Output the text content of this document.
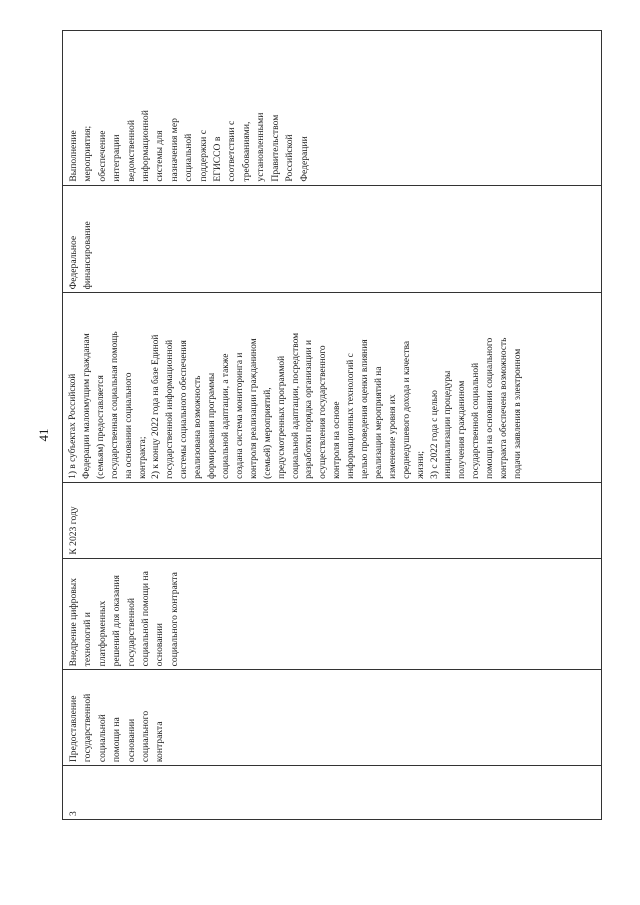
41
3
Предоставление
государственной
социальной
помощи на
основании
социального
контракта
Внедрение цифровых
технологий и
платформенных
решений для оказания
государственной
социальной помощи на
основании
социального контракта
К 2023 году
1) в субъектах Российской
Федерации малоимущим гражданам
(семьям) предоставляется
государственная социальная помощь
на основании социального
контракта;
2) к концу 2022 года на базе Единой
государственной информационной
системы социального обеспечения
реализована возможность
формирования программы
социальной адаптации, а также
создана система мониторинга и
контроля реализации гражданином
(семьей) мероприятий,
предусмотренных программой
социальной адаптации, посредством
разработки порядка организации и
осуществления государственного
контроля на основе
информационных технологий с
целью проведения оценки влияния
реализации мероприятий на
изменение уровня их
среднедушевого дохода и качества
жизни;
3) с 2022 года с целью
инициализации процедуры
получения гражданином
государственной социальной
помощи на основании социального
контракта обеспечена возможность
подачи заявления в электронном
Федеральное
финансирование
Выполнение
мероприятия;
обеспечение
интеграции
ведомственной
информационной
системы для
назначения мер
социальной
поддержки с
ЕГИССО в
соответствии с
требованиями,
установленными
Правительством
Российской
Федерации
